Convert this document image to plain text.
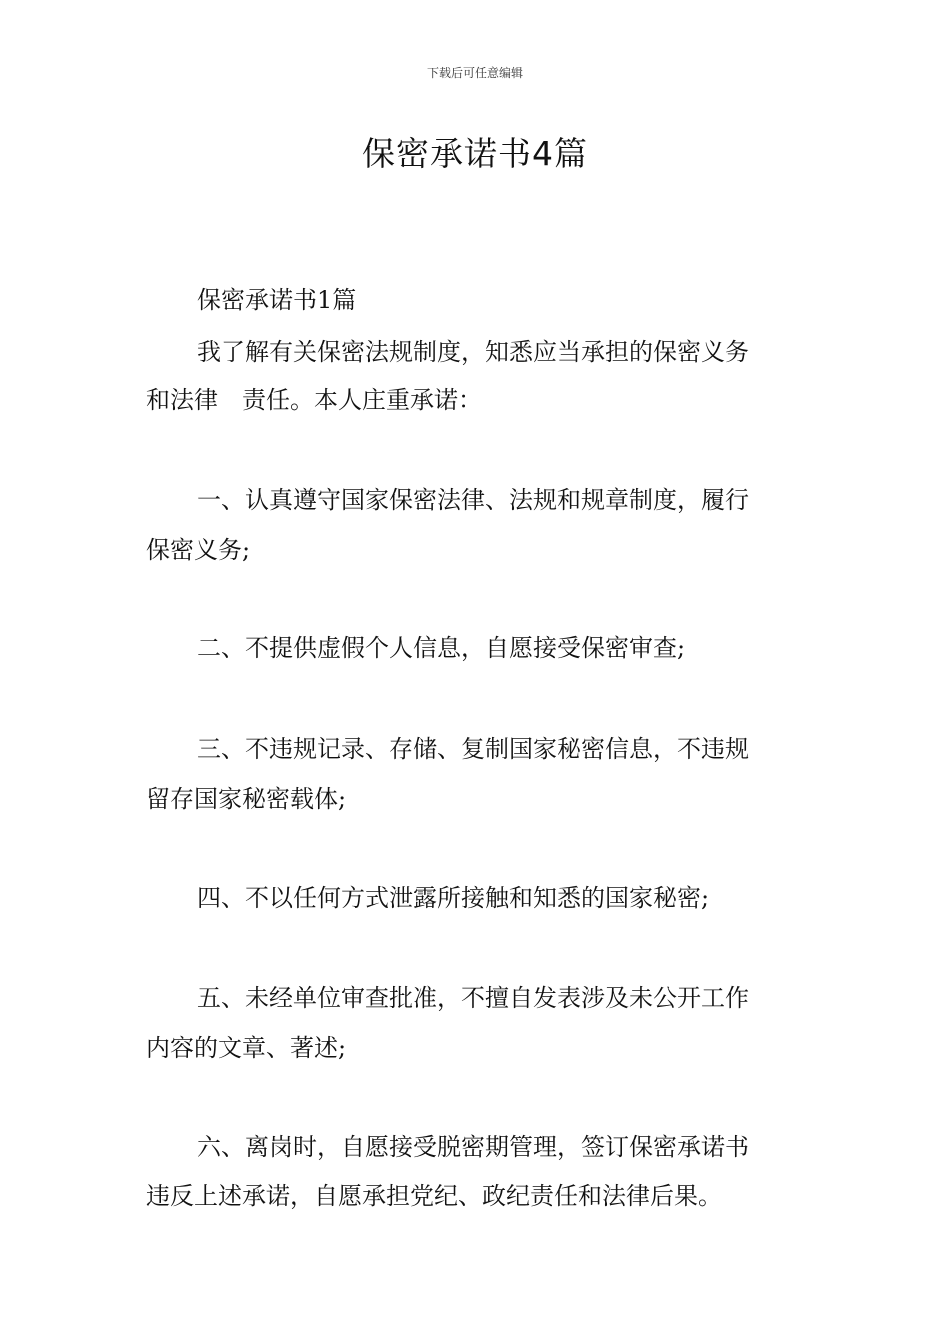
下载后可任意编辑
保密承诺书4篇
保密承诺书1篇
我了解有关保密法规制度，知悉应当承担的保密义务
和法律　责任。本人庄重承诺：
一、认真遵守国家保密法律、法规和规章制度，履行
保密义务;
二、不提供虚假个人信息，自愿接受保密审查;
三、不违规记录、存储、复制国家秘密信息，不违规
留存国家秘密载体;
四、不以任何方式泄露所接触和知悉的国家秘密;
五、未经单位审查批准，不擅自发表涉及未公开工作
内容的文章、著述;
六、离岗时，自愿接受脱密期管理，签订保密承诺书
违反上述承诺，自愿承担党纪、政纪责任和法律后果。
